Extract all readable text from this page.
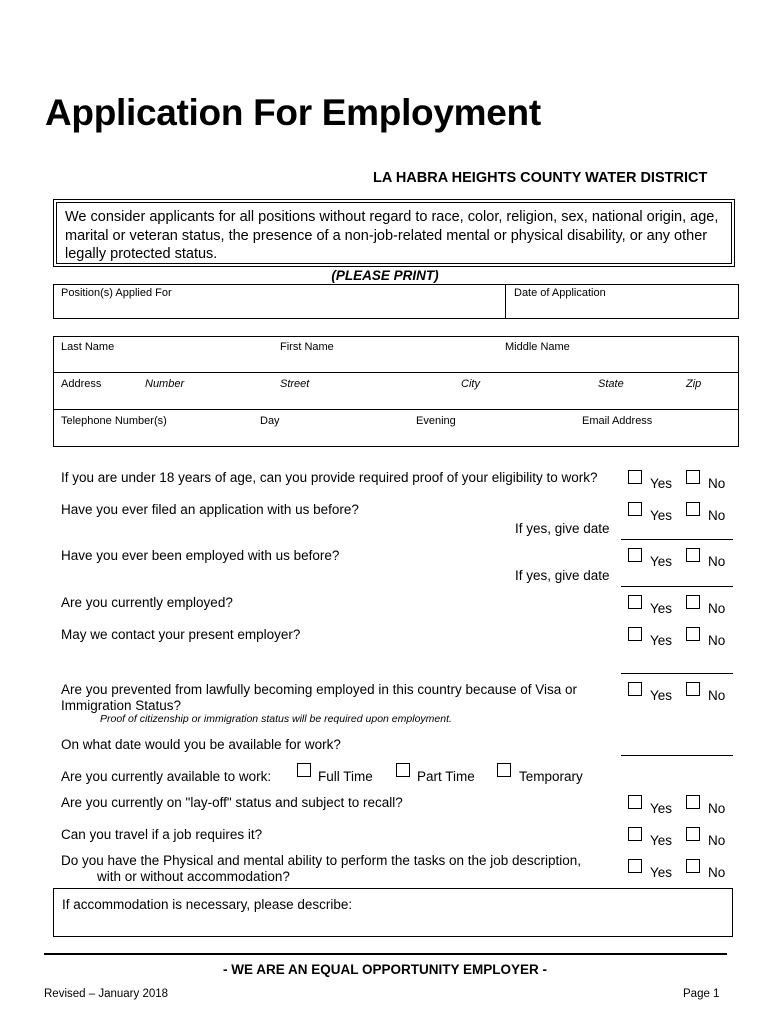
Application For Employment
LA HABRA HEIGHTS COUNTY WATER DISTRICT
We consider applicants for all positions without regard to race, color, religion, sex, national origin, age, marital or veteran status, the presence of a non-job-related mental or physical disability, or any other legally protected status.
(PLEASE PRINT)
Position(s) Applied For	Date of Application
Last Name	First Name	Middle Name
Address	Number	Street	City	State	Zip
Telephone Number(s)	Day	Evening	Email Address
If you are under 18 years of age, can you provide required proof of your eligibility to work?	Yes	No
Have you ever filed an application with us before?	Yes	No
If yes, give date
Have you ever been employed with us before?	Yes	No
If yes, give date
Are you currently employed?	Yes	No
May we contact your present employer?	Yes	No
Are you prevented from lawfully becoming employed in this country because of Visa or Immigration Status?
Yes	No
Proof of citizenship or immigration status will be required upon employment.
On what date would you be available for work?
Are you currently available to work:	Full Time	Part Time	Temporary
Are you currently on "lay-off" status and subject to recall?	Yes	No
Can you travel if a job requires it?	Yes	No
Do you have the Physical and mental ability to perform the tasks on the job description,
with or without accommodation?	Yes	No
If accommodation is necessary, please describe:
- WE ARE AN EQUAL OPPORTUNITY EMPLOYER -
Revised – January 2018	Page 1
